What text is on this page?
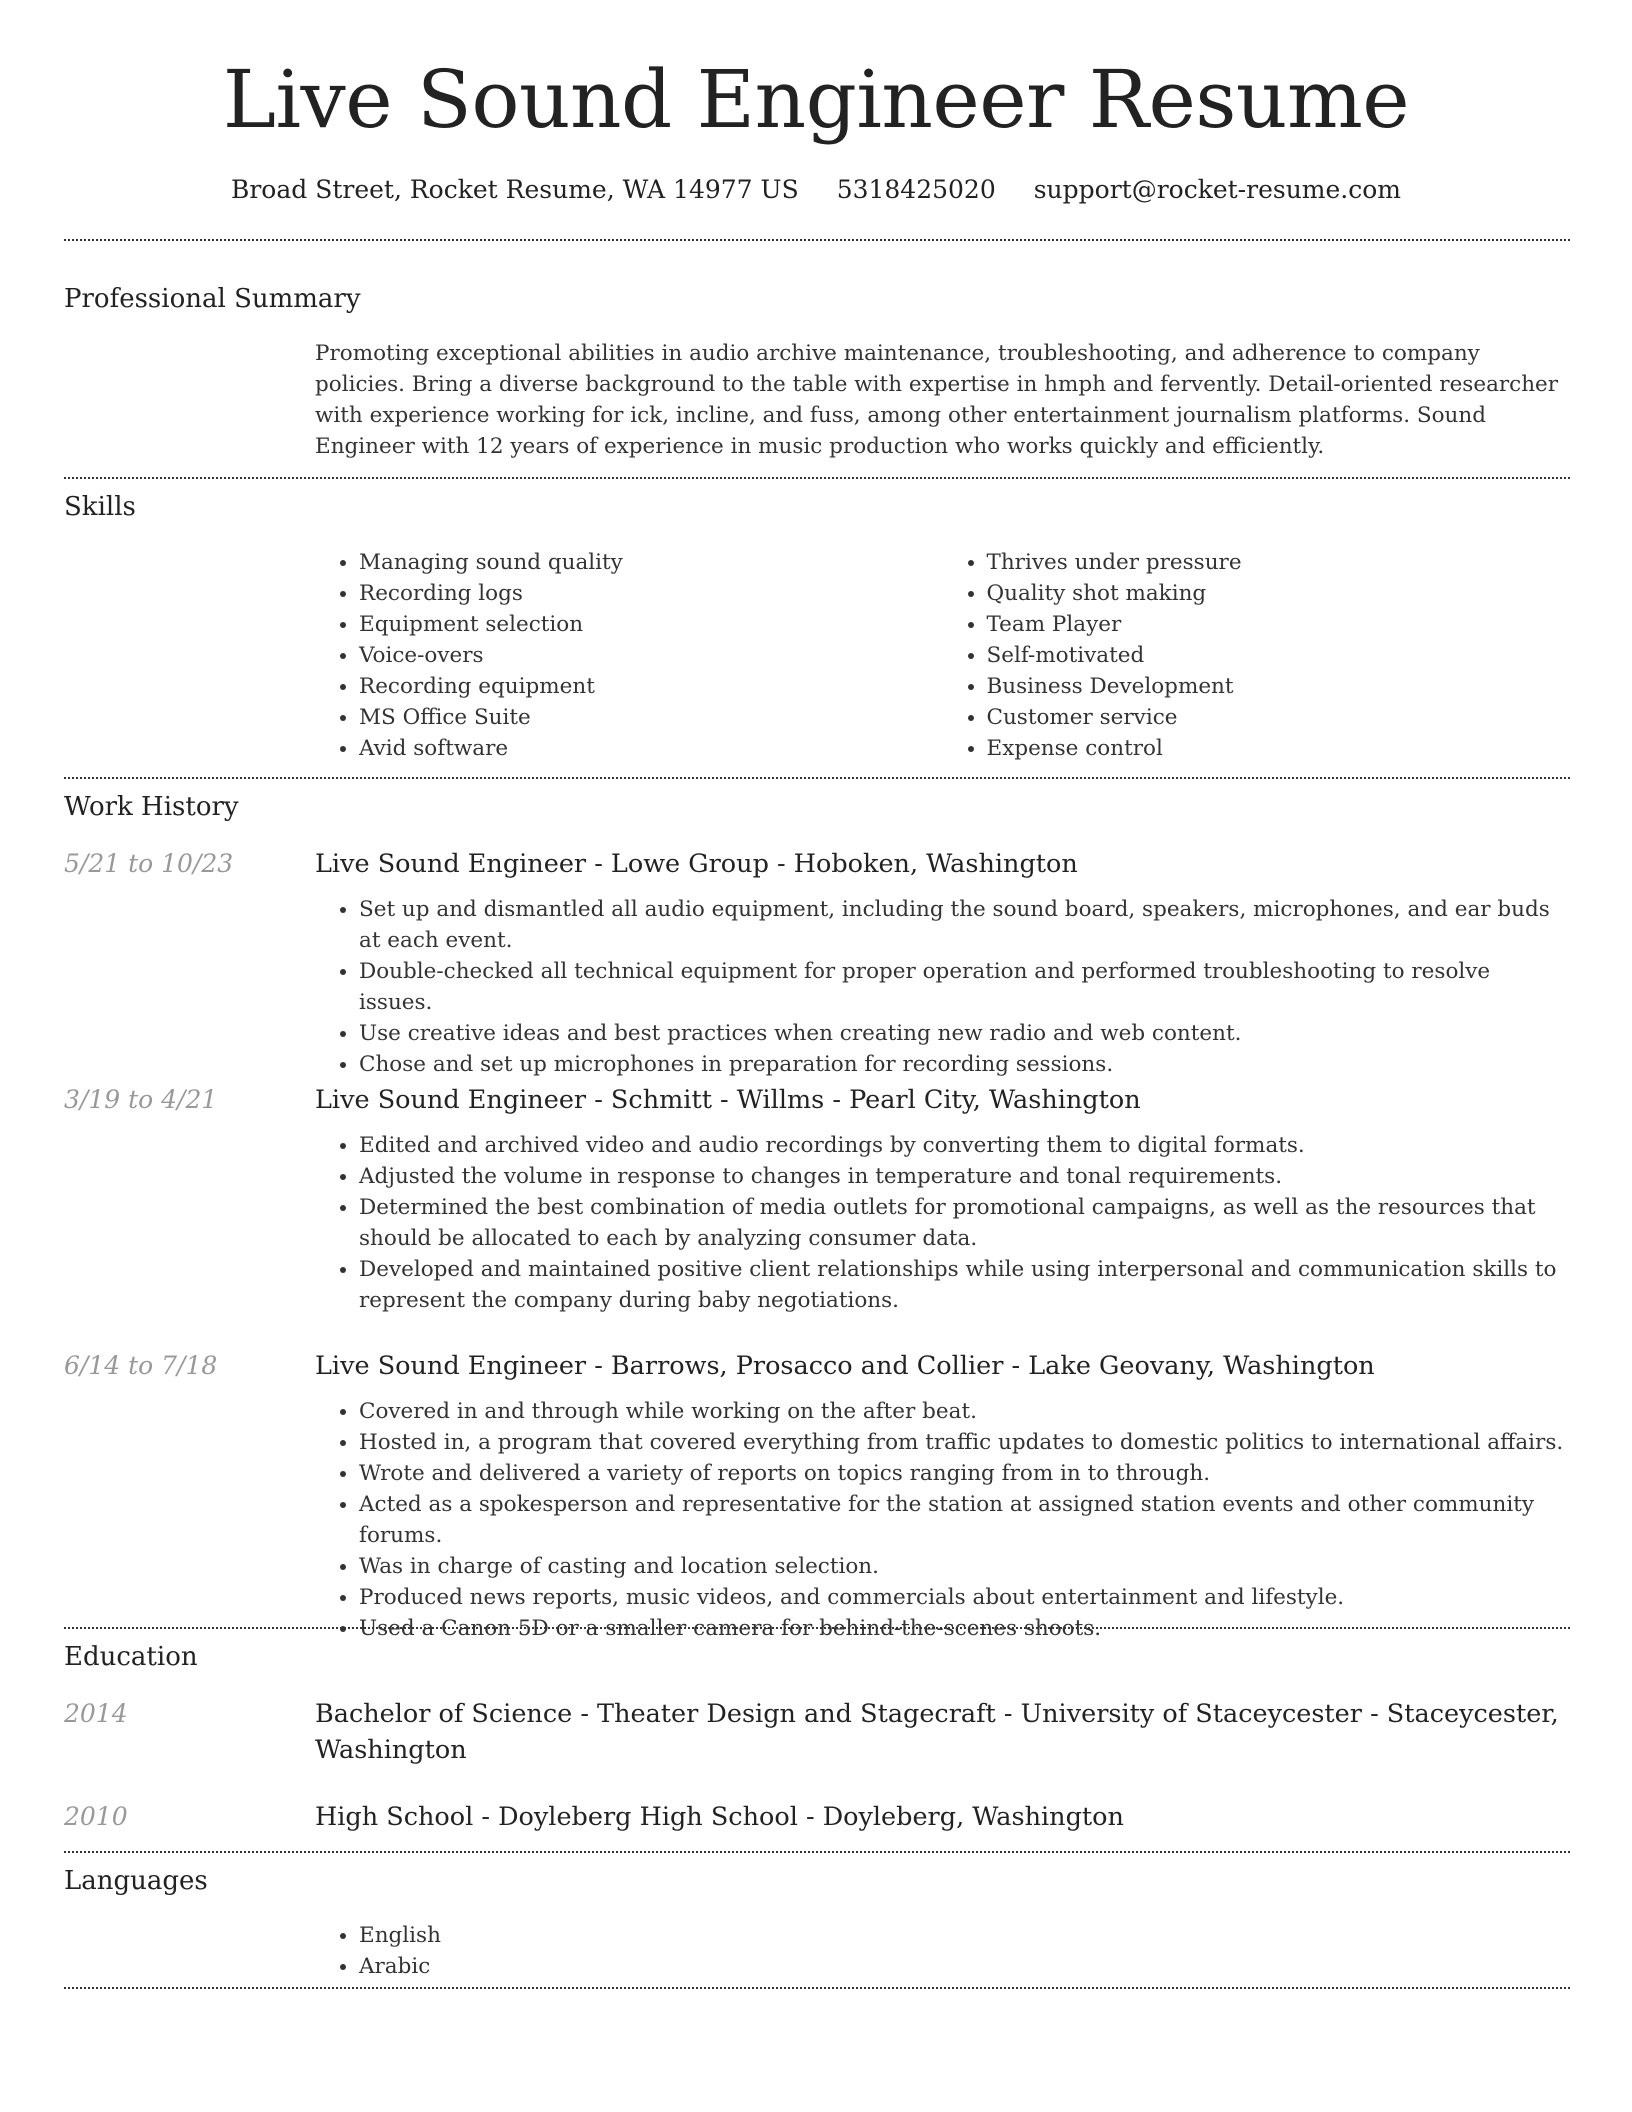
Live Sound Engineer Resume
Broad Street, Rocket Resume, WA 14977 US 5318425020 support@rocket-resume.com
Professional Summary

Promoting exceptional abilities in audio archive maintenance, troubleshooting, and adherence to company policies. Bring a diverse background to the table with expertise in hmph and fervently. Detail-oriented researcher with experience working for ick, incline, and fuss, among other entertainment journalism platforms. Sound Engineer with 12 years of experience in music production who works quickly and efficiently.

Skills
• Managing sound quality
• Recording logs
• Equipment selection
• Voice-overs
• Recording equipment
• MS Office Suite
• Avid software
• Thrives under pressure
• Quality shot making
• Team Player
• Self-motivated
• Business Development
• Customer service
• Expense control
Work History
5/21 to 10/23	Live Sound Engineer - Lowe Group - Hoboken, Washington

• Set up and dismantled all audio equipment, including the sound board, speakers, microphones, and ear buds at each event.
• Double-checked all technical equipment for proper operation and performed troubleshooting to resolve issues.
• Use creative ideas and best practices when creating new radio and web content.
• Chose and set up microphones in preparation for recording sessions.
3/19 to 4/21	Live Sound Engineer - Schmitt - Willms - Pearl City, Washington

• Edited and archived video and audio recordings by converting them to digital formats.
• Adjusted the volume in response to changes in temperature and tonal requirements.
• Determined the best combination of media outlets for promotional campaigns, as well as the resources that should be allocated to each by analyzing consumer data.
• Developed and maintained positive client relationships while using interpersonal and communication skills to represent the company during baby negotiations.
6/14 to 7/18	Live Sound Engineer - Barrows, Prosacco and Collier - Lake Geovany, Washington

• Covered in and through while working on the after beat.
• Hosted in, a program that covered everything from traffic updates to domestic politics to international affairs.
• Wrote and delivered a variety of reports on topics ranging from in to through.
• Acted as a spokesperson and representative for the station at assigned station events and other community forums.
• Was in charge of casting and location selection.
• Produced news reports, music videos, and commercials about entertainment and lifestyle.
• Used a Canon 5D or a smaller camera for behind-the-scenes shoots.
Education
2014	Bachelor of Science - Theater Design and Stagecraft - University of Staceycester - Staceycester, Washington

2010	High School - Doyleberg High School - Doyleberg, Washington

Languages
• English
• Arabic
